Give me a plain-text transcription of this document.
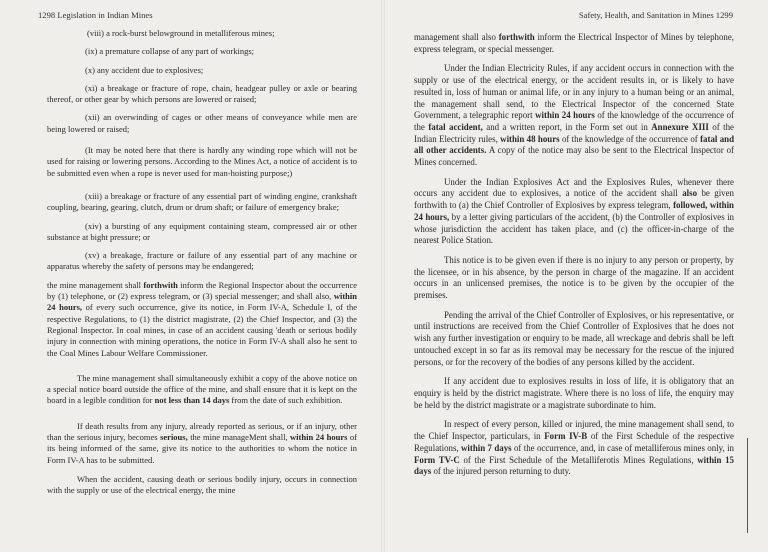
1298 Legislation in Indian Mines

(viii) a rock-burst belowground in metalliferous mines;

(ix) a premature collapse of any part of workings;

(x) any accident due to explosives;

(xi) a breakage or fracture of rope, chain, headgear pulley or axle or bearing thereof, or other gear by which persons are lowered or raised;

(xii) an overwinding of cages or other means of conveyance while men are being lowered or raised;

(It may be noted here that there is hardly any winding rope which will not be used for raising or lowering persons. According to the Mines Act, a notice of accident is to be submitted even when a rope is never used for man-hoisting purpose;)

(xiii) a breakage or fracture of any essential part of winding engine, crankshaft coupling, bearing, gearing, clutch, drum or drum shaft; or failure of emergency brake;

(xiv) a bursting of any equipment containing steam, compressed air or other substance at bight pressure; or

(xv) a breakage, fracture or failure of any essential part of any machine or apparatus whereby the safety of persons may be endangered;

the mine management shall forthwith inform the Regional Inspector about the occurrence by (1) telephone, or (2) express telegram, or (3) special messenger; and shall also, within 24 hours, of every such occurrence, give its notice, in Form IV-A, Schedule I, of the respective Regulations, to (1) the district magistrate, (2) the Chief Inspector, and (3) the Regional Inspector. In coal mines, in case of an accident causing 'death or serious bodily injury in connection with mining operations, the notice in Form IV-A shall also he sent to the Coal Mines Labour Welfare Commissioner.

The mine management shall simultaneously exhibit a copy of the above notice on a special notice board outside the office of the mine, and shall ensure that it is kept on the board in a legible condition for not less than 14 days from the date of such exhibition.

If death results from any injury, already reported as serious, or if an injury, other than the serious injury, becomes serious, the mine manageMent shall, within 24 hours of its being informed of the same, give its notice to the authorities to whom the notice in Form IV-A has to be submitted.

When the accident, causing death or serious bodily injury, occurs in connection with the supply or use of the electrical energy, the mine

Safety, Health, and Sanitation in Mines 1299

management shall also forthwith inform the Electrical Inspector of Mines by telephone, express telegram, or special messenger.

Under the Indian Electricity Rules, if any accident occurs in connection with the supply or use of the electrical energy, or the accident results in, or is likely to have resulted in, loss of human or animal life, or in any injury to a human being or an animal, the management shall send, to the Electrical Inspector of the concerned State Government, a telegraphic report within 24 hours of the knowledge of the occurrence of the fatal accident, and a written report, in the Form set out in Annexure XIII of the Indian Electricity rules, within 48 hours of the knowledge of the occurrence of fatal and all other accidents. A copy of the notice may also be sent to the Electrical Inspector of Mines concerned.

Under the Indian Explosives Act and the Explosives Rules, whenever there occurs any accident due to explosives, a notice of the accident shall also be given forthwith to (a) the Chief Controller of Explosives by express telegram, followed, within 24 hours, by a letter giving particulars of the accident, (b) the Controller of explosives in whose jurisdiction the accident has taken place, and (c) the officer-in-charge of the nearest Police Station.

This notice is to be given even if there is no injury to any person or property, by the licensee, or in his absence, by the person in charge of the magazine. If an accident occurs in an unlicensed premises, the notice is to be given by the occupier of the premises.

Pending the arrival of the Chief Controller of Explosives, or his representative, or until instructions are received from the Chief Controller of Explosives that he does not wish any further investigation or enquiry to be made, all wreckage and debris shall be left untouched except in so far as its removal may be necessary for the rescue of the injured persons, or for the recovery of the bodies of any persons killed by the accident.

If any accident due to explosives results in loss of life, it is obligatory that an enquiry is held by the district magistrate. Where there is no loss of life, the enquiry may be held by the district magistrate or a magistrate subordinate to him.

In respect of every person, killed or injured, the mine management shall send, to the Chief Inspector, particulars, in Form IV-B of the First Schedule of the respective Regulations, within 7 days of the occurrence, and, in case of metalliferous mines only, in Form TV-C of the First Schedule of the Metalliferotis Mines Regulations, within 15 days of the injured person returning to duty.
